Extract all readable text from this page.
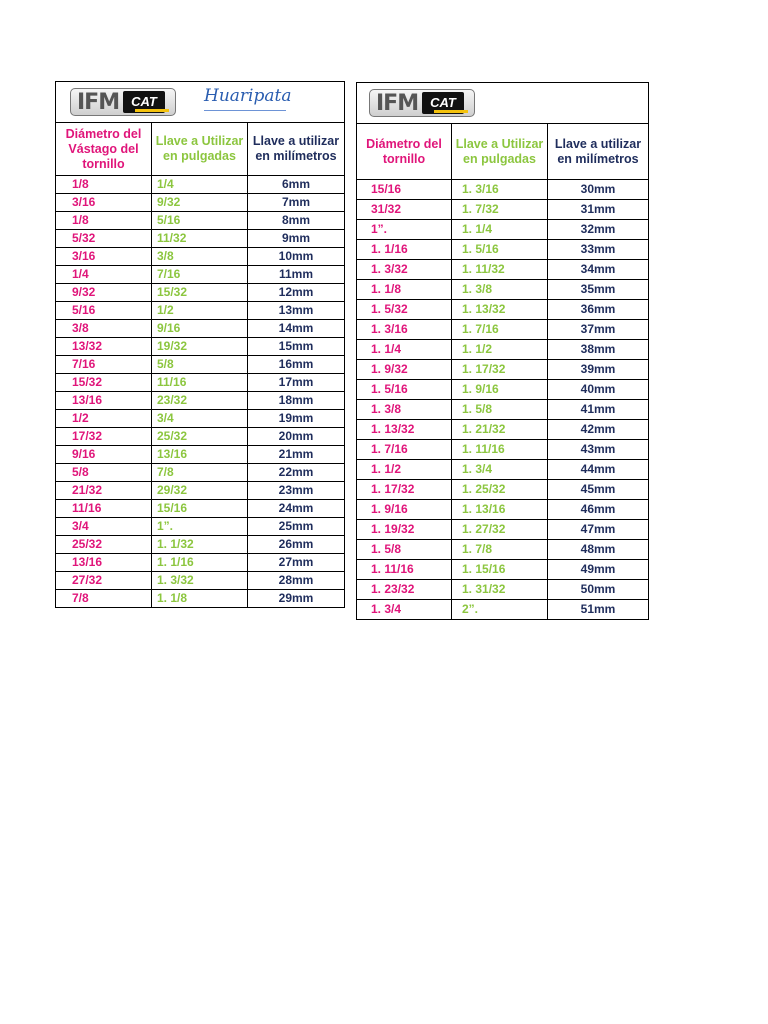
IFM CAT Huaripata		

Diámetro del Vástago del tornillo	Llave a Utilizar en pulgadas	Llave a utilizar en milímetros
1/8	1/4	6mm
3/16	9/32	7mm
1/8	5/16	8mm
5/32	11/32	9mm
3/16	3/8	10mm
1/4	7/16	11mm
9/32	15/32	12mm
5/16	1/2	13mm
3/8	9/16	14mm
13/32	19/32	15mm
7/16	5/8	16mm
15/32	11/16	17mm
13/16	23/32	18mm
1/2	3/4	19mm
17/32	25/32	20mm
9/16	13/16	21mm
5/8	7/8	22mm
21/32	29/32	23mm
11/16	15/16	24mm
3/4	1”.	25mm
25/32	1. 1/32	26mm
13/16	1. 1/16	27mm
27/32	1. 3/32	28mm
7/8	1. 1/8	29mm
IFM CAT		

Diámetro del tornillo	Llave a Utilizar en pulgadas	Llave a utilizar en milímetros
15/16	1. 3/16	30mm
31/32	1. 7/32	31mm
1”.	1. 1/4	32mm
1. 1/16	1. 5/16	33mm
1. 3/32	1. 11/32	34mm
1. 1/8	1. 3/8	35mm
1. 5/32	1. 13/32	36mm
1. 3/16	1. 7/16	37mm
1. 1/4	1. 1/2	38mm
1. 9/32	1. 17/32	39mm
1. 5/16	1. 9/16	40mm
1. 3/8	1. 5/8	41mm
1. 13/32	1. 21/32	42mm
1. 7/16	1. 11/16	43mm
1. 1/2	1. 3/4	44mm
1. 17/32	1. 25/32	45mm
1. 9/16	1. 13/16	46mm
1. 19/32	1. 27/32	47mm
1. 5/8	1. 7/8	48mm
1. 11/16	1. 15/16	49mm
1. 23/32	1. 31/32	50mm
1. 3/4	2”.	51mm
